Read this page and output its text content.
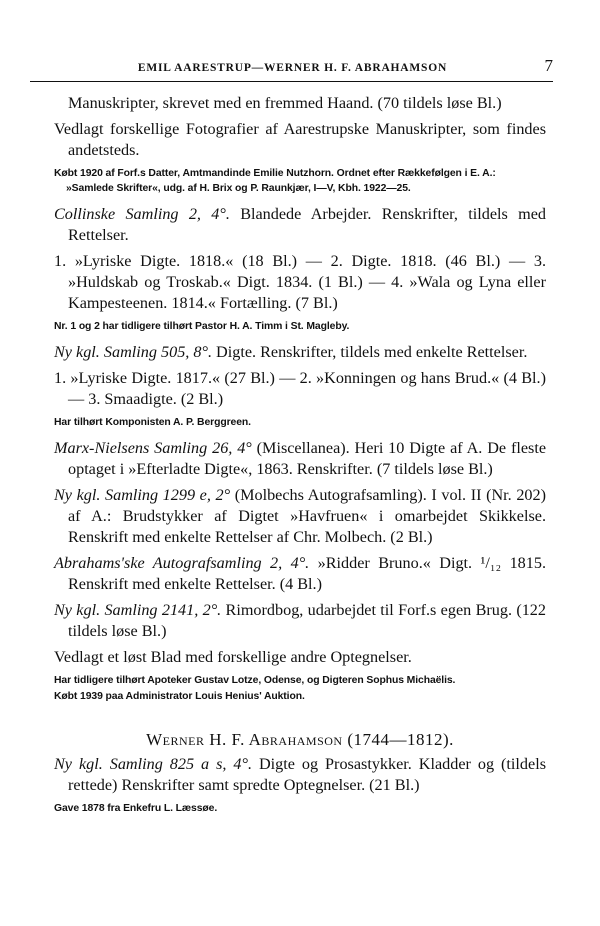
EMIL AARESTRUP—WERNER H. F. ABRAHAMSON	7

Manuskripter, skrevet med en fremmed Haand. (70 tildels løse Bl.)

Vedlagt forskellige Fotografier af Aarestrupske Manuskripter, som findes andetsteds.

Købt 1920 af Forf.s Datter, Amtmandinde Emilie Nutzhorn. Ordnet efter Rækkefølgen i E. A.: »Samlede Skrifter«, udg. af H. Brix og P. Raunkjær, I—V, Kbh. 1922—25.

Collinske Samling 2, 4°. Blandede Arbejder. Renskrifter, tildels med Rettelser.

1. »Lyriske Digte. 1818.« (18 Bl.) — 2. Digte. 1818. (46 Bl.) — 3. »Huldskab og Troskab.« Digt. 1834. (1 Bl.) — 4. »Wala og Lyna eller Kampesteenen. 1814.« Fortælling. (7 Bl.)

Nr. 1 og 2 har tidligere tilhørt Pastor H. A. Timm i St. Magleby.

Ny kgl. Samling 505, 8°. Digte. Renskrifter, tildels med enkelte Rettelser.

1. »Lyriske Digte. 1817.« (27 Bl.) — 2. »Konningen og hans Brud.« (4 Bl.) — 3. Smaadigte. (2 Bl.)

Har tilhørt Komponisten A. P. Berggreen.

Marx-Nielsens Samling 26, 4° (Miscellanea). Heri 10 Digte af A. De fleste optaget i »Efterladte Digte«, 1863. Renskrifter. (7 tildels løse Bl.)

Ny kgl. Samling 1299 e, 2° (Molbechs Autografsamling). I vol. II (Nr. 202) af A.: Brudstykker af Digtet »Havfruen« i omarbejdet Skikkelse. Renskrift med enkelte Rettelser af Chr. Molbech. (2 Bl.)

Abrahams'ske Autografsamling 2, 4°. »Ridder Bruno.« Digt. ¹/₁₂ 1815. Renskrift med enkelte Rettelser. (4 Bl.)

Ny kgl. Samling 2141, 2°. Rimordbog, udarbejdet til Forf.s egen Brug. (122 tildels løse Bl.)

Vedlagt et løst Blad med forskellige andre Optegnelser.

Har tidligere tilhørt Apoteker Gustav Lotze, Odense, og Digteren Sophus Michaëlis.

Købt 1939 paa Administrator Louis Henius' Auktion.

Werner H. F. Abrahamson (1744—1812).

Ny kgl. Samling 825 a s, 4°. Digte og Prosastykker. Kladder og (tildels rettede) Renskrifter samt spredte Optegnelser. (21 Bl.)

Gave 1878 fra Enkefru L. Læssøe.
